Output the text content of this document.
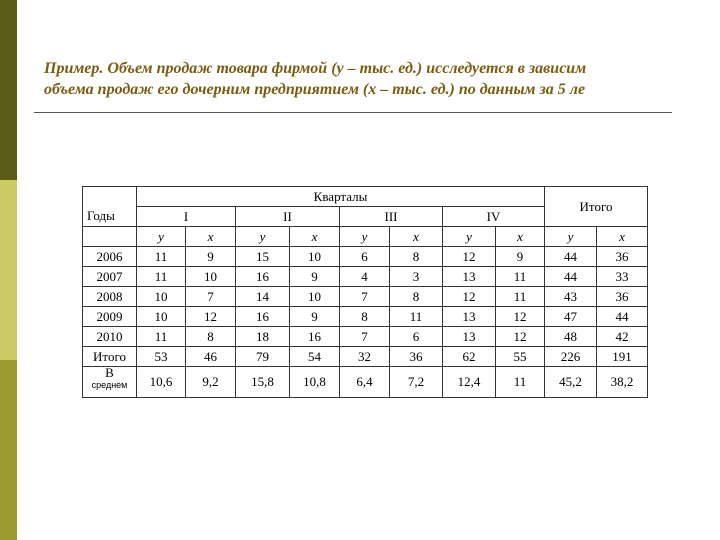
Пример. Объем продаж товара фирмой (y – тыс. ед.) исследуется в зависим
объема продаж его дочерним предприятием (x – тыс. ед.) по данным за 5 ле
	Кварталы								Итого	
Годы	I		II		III		IV			
	y	x	y	x	y	x	y	x	y	x
2006	11	9	15	10	6	8	12	9	44	36
2007	11	10	16	9	4	3	13	11	44	33
2008	10	7	14	10	7	8	12	11	43	36
2009	10	12	16	9	8	11	13	12	47	44
2010	11	8	18	16	7	6	13	12	48	42
Итого	53	46	79	54	32	36	62	55	226	191
В
среднем	10,6	9,2	15,8	10,8	6,4	7,2	12,4	11	45,2	38,2
